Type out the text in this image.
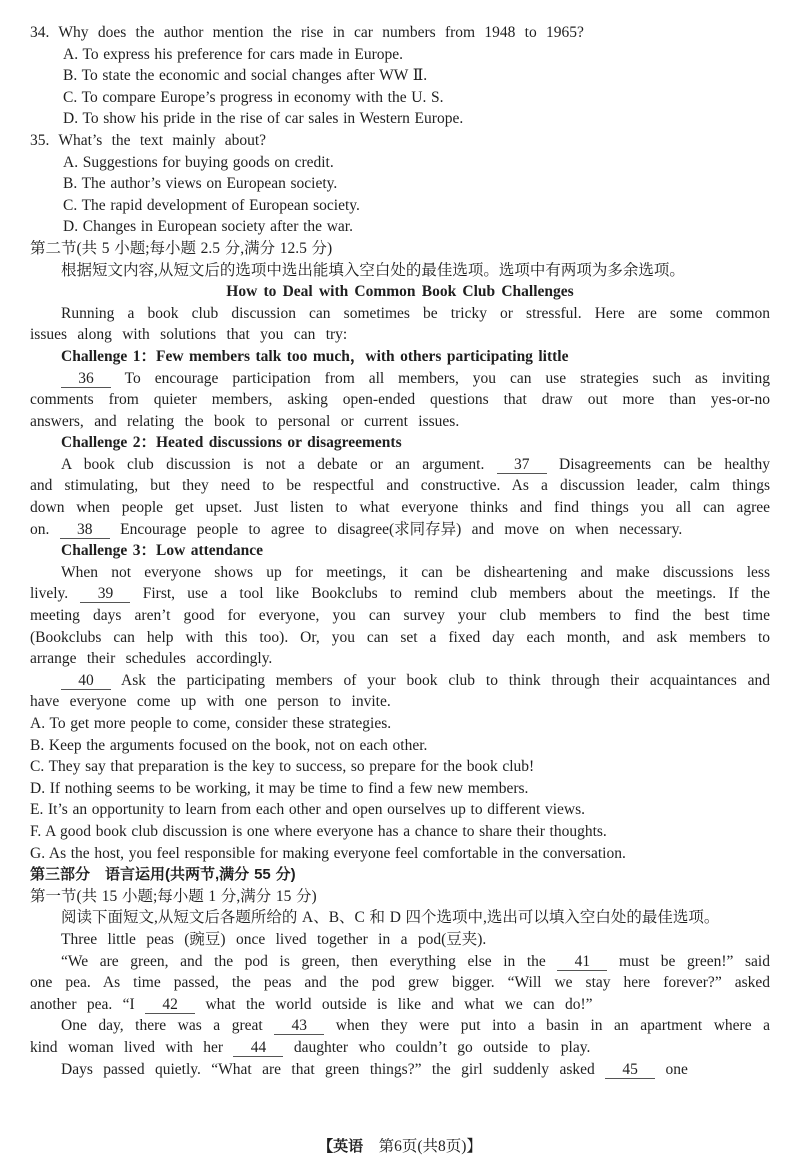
34. Why does the author mention the rise in car numbers from 1948 to 1965?
A. To express his preference for cars made in Europe.
B. To state the economic and social changes after WW Ⅱ.
C. To compare Europe’s progress in economy with the U. S.
D. To show his pride in the rise of car sales in Western Europe.
35. What’s the text mainly about?
A. Suggestions for buying goods on credit.
B. The author’s views on European society.
C. The rapid development of European society.
D. Changes in European society after the war.
第二节(共 5 小题;每小题 2.5 分,满分 12.5 分)
根据短文内容,从短文后的选项中选出能填入空白处的最佳选项。选项中有两项为多余选项。
How to Deal with Common Book Club Challenges
Running a book club discussion can sometimes be tricky or stressful. Here are some common issues along with solutions that you can try:
Challenge 1：Few members talk too much，with others participating little
36 To encourage participation from all members, you can use strategies such as inviting comments from quieter members, asking open-ended questions that draw out more than yes-or-no answers, and relating the book to personal or current issues.
Challenge 2：Heated discussions or disagreements
A book club discussion is not a debate or an argument. 37 Disagreements can be healthy and stimulating, but they need to be respectful and constructive. As a discussion leader, calm things down when people get upset. Just listen to what everyone thinks and find things you all can agree on. 38 Encourage people to agree to disagree(求同存异) and move on when necessary.
Challenge 3：Low attendance
When not everyone shows up for meetings, it can be disheartening and make discussions less lively. 39 First, use a tool like Bookclubs to remind club members about the meetings. If the meeting days aren’t good for everyone, you can survey your club members to find the best time (Bookclubs can help with this too). Or, you can set a fixed day each month, and ask members to arrange their schedules accordingly.
40 Ask the participating members of your book club to think through their acquaintances and have everyone come up with one person to invite.
A. To get more people to come, consider these strategies.
B. Keep the arguments focused on the book, not on each other.
C. They say that preparation is the key to success, so prepare for the book club!
D. If nothing seems to be working, it may be time to find a few new members.
E. It’s an opportunity to learn from each other and open ourselves up to different views.
F. A good book club discussion is one where everyone has a chance to share their thoughts.
G. As the host, you feel responsible for making everyone feel comfortable in the conversation.
第三部分　语言运用(共两节,满分 55 分)
第一节(共 15 小题;每小题 1 分,满分 15 分)
阅读下面短文,从短文后各题所给的 A、B、C 和 D 四个选项中,选出可以填入空白处的最佳选项。
Three little peas (豌豆) once lived together in a pod(豆夹).
“We are green, and the pod is green, then everything else in the 41 must be green!” said one pea. As time passed, the peas and the pod grew bigger. “Will we stay here forever?” asked another pea. “I 42 what the world outside is like and what we can do!”
One day, there was a great 43 when they were put into a basin in an apartment where a kind woman lived with her 44 daughter who couldn’t go outside to play.
Days passed quietly. “What are that green things?” the girl suddenly asked 45 one
【英语　第6页(共8页)】
